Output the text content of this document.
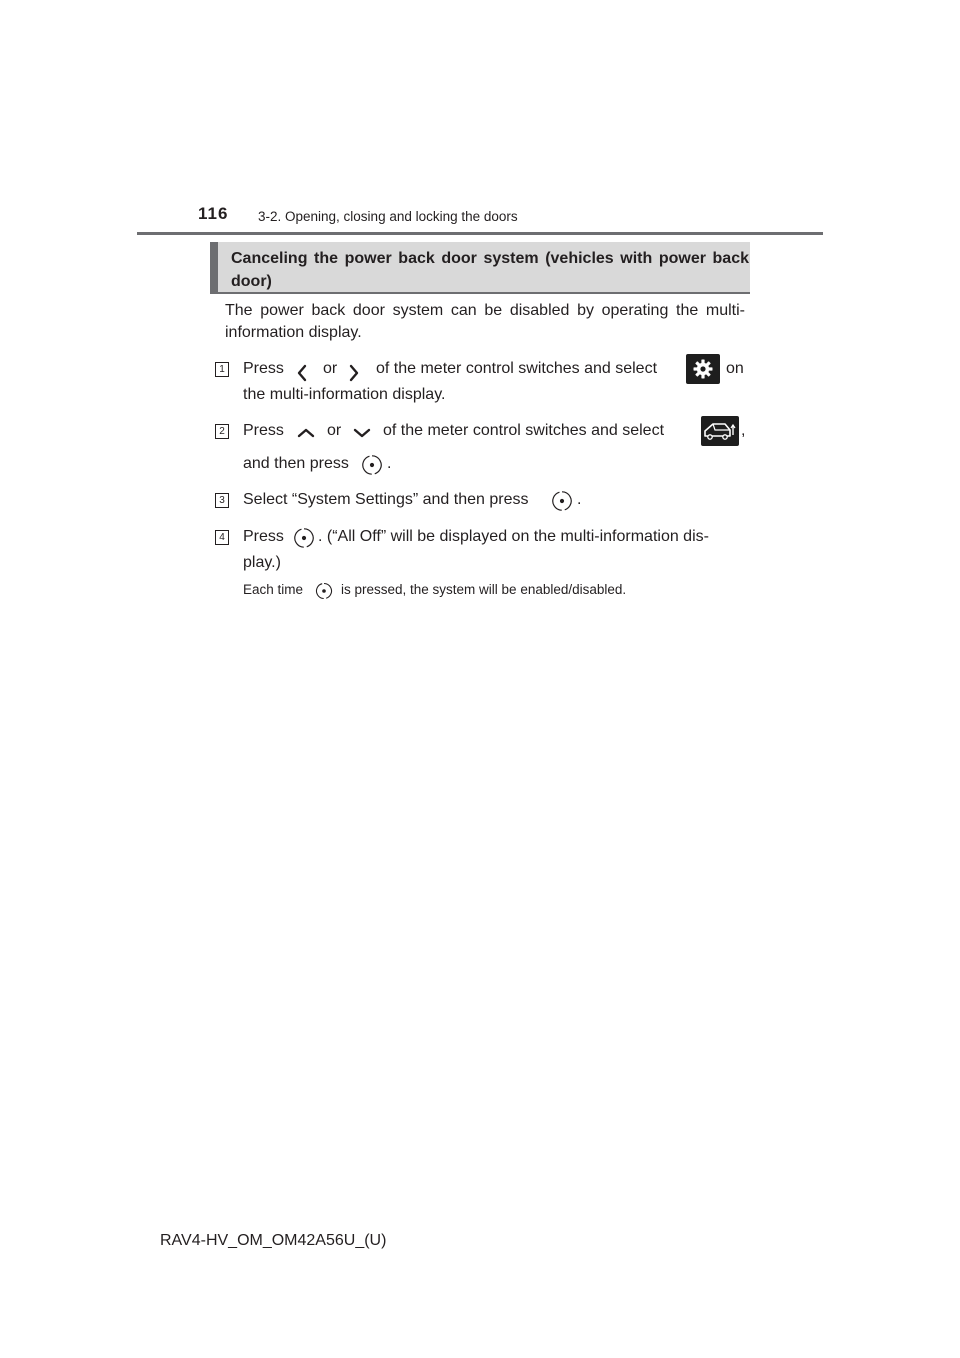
116 3-2. Opening, closing and locking the doors
Canceling the power back door system (vehicles with power back door)
The power back door system can be disabled by operating the multi-information display.
1 Press or of the meter control switches and select	on
the multi-information display.
2 Press	or	of the meter control switches and select	,
and then press .
3 Select “System Settings” and then press	.
4 Press . (“All Off” will be displayed on the multi-information dis-
play.)
Each time	is pressed, the system will be enabled/disabled.
RAV4-HV_OM_OM42A56U_(U)
